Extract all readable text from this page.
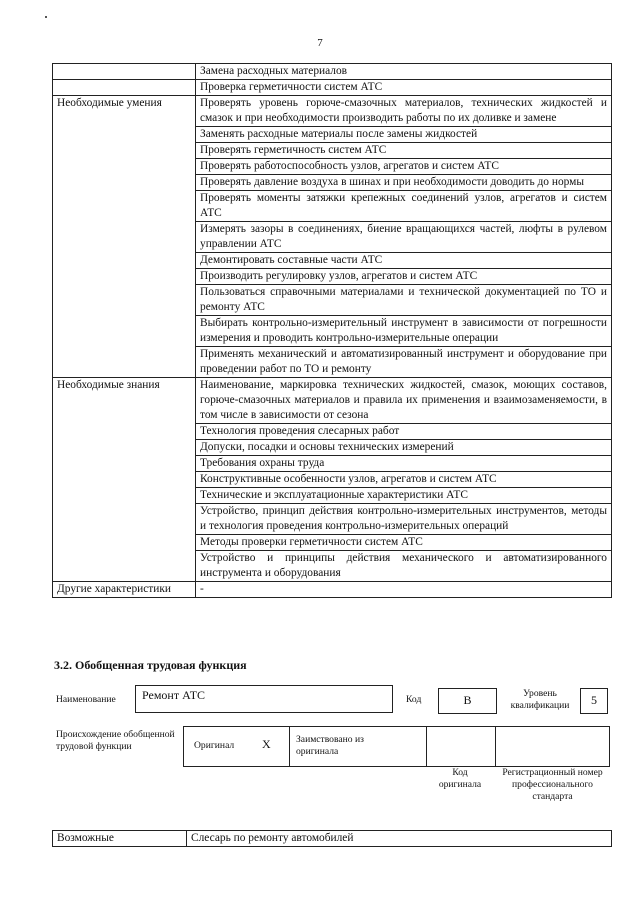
7
	Замена расходных материалов
	Проверка герметичности систем АТС
Необходимые умения	Проверять уровень горюче-смазочных материалов, технических жидкостей и смазок и при необходимости производить работы по их доливке и замене
	Заменять расходные материалы после замены жидкостей
	Проверять герметичность систем АТС
	Проверять работоспособность узлов, агрегатов и систем АТС
	Проверять давление воздуха в шинах и при необходимости доводить до нормы
	Проверять моменты затяжки крепежных соединений узлов, агрегатов и систем АТС
	Измерять зазоры в соединениях, биение вращающихся частей, люфты в рулевом управлении АТС
	Демонтировать составные части АТС
	Производить регулировку узлов, агрегатов и систем АТС
	Пользоваться справочными материалами и технической документацией по ТО и ремонту АТС
	Выбирать контрольно-измерительный инструмент в зависимости от погрешности измерения и проводить контрольно-измерительные операции
	Применять механический и автоматизированный инструмент и оборудование при проведении работ по ТО и ремонту
Необходимые знания	Наименование, маркировка технических жидкостей, смазок, моющих составов, горюче-смазочных материалов и правила их применения и взаимозаменяемости, в том числе в зависимости от сезона
	Технология проведения слесарных работ
	Допуски, посадки и основы технических измерений
	Требования охраны труда
	Конструктивные особенности узлов, агрегатов и систем АТС
	Технические и эксплуатационные характеристики АТС
	Устройство, принцип действия контрольно-измерительных инструментов, методы и технология проведения контрольно-измерительных операций
	Методы проверки герметичности систем АТС
	Устройство и принципы действия механического и автоматизированного инструмента и оборудования
Другие характеристики	-
3.2. Обобщенная трудовая функция
Наименование Ремонт АТС	Код	B	Уровень квалификации	5
Происхождение обобщенной трудовой функции	Оригинал X	Заимствовано из оригинала
Код оригинала
Регистрационный номер профессионального стандарта
Возможные	Слесарь по ремонту автомобилей
